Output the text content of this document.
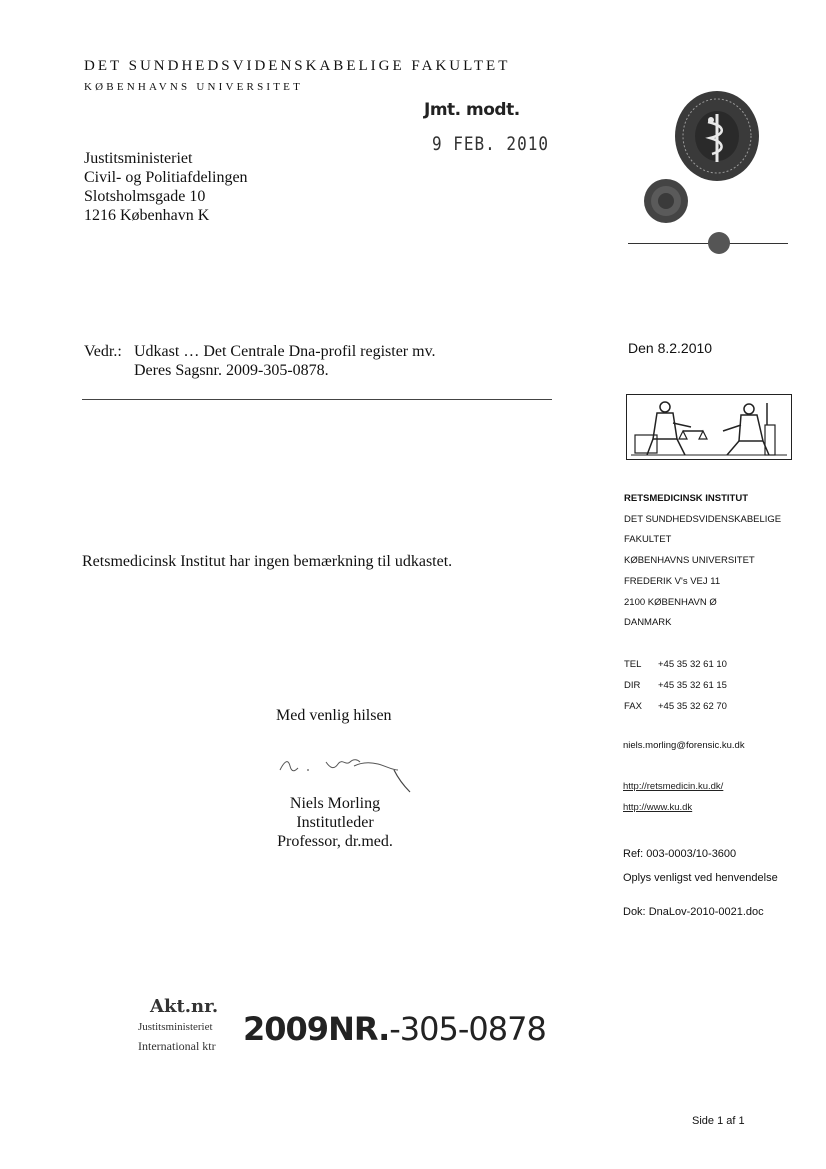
DET SUNDHEDSVIDENSKABELIGE FAKULTET
KØBENHAVNS UNIVERSITET
Jmt. modt.
9 FEB. 2010
Justitsministeriet
Civil- og Politiafdelingen
Slotsholmsgade 10
1216 København K
Vedr.: Udkast … Det Centrale Dna-profil register mv.
Deres Sagsnr. 2009-305-0878.
Den 8.2.2010
Retsmedicinsk Institut har ingen bemærkning til udkastet.
RETSMEDICINSK INSTITUT
DET SUNDHEDSVIDENSKABELIGE
FAKULTET
KØBENHAVNS UNIVERSITET
FREDERIK V's VEJ 11
2100 KØBENHAVN Ø
DANMARK
TEL	+45 35 32 61 10
DIR	+45 35 32 61 15
FAX	+45 35 32 62 70
niels.morling@forensic.ku.dk
http://retsmedicin.ku.dk/
http://www.ku.dk
Ref: 003-0003/10-3600
Oplys venligst ved henvendelse
Dok: DnaLov-2010-0021.doc
Med venlig hilsen
Niels Morling
Institutleder
Professor, dr.med.
Akt.nr.
Justitsministeriet
International ktr 2009NR.-305-0878
Side 1 af 1
